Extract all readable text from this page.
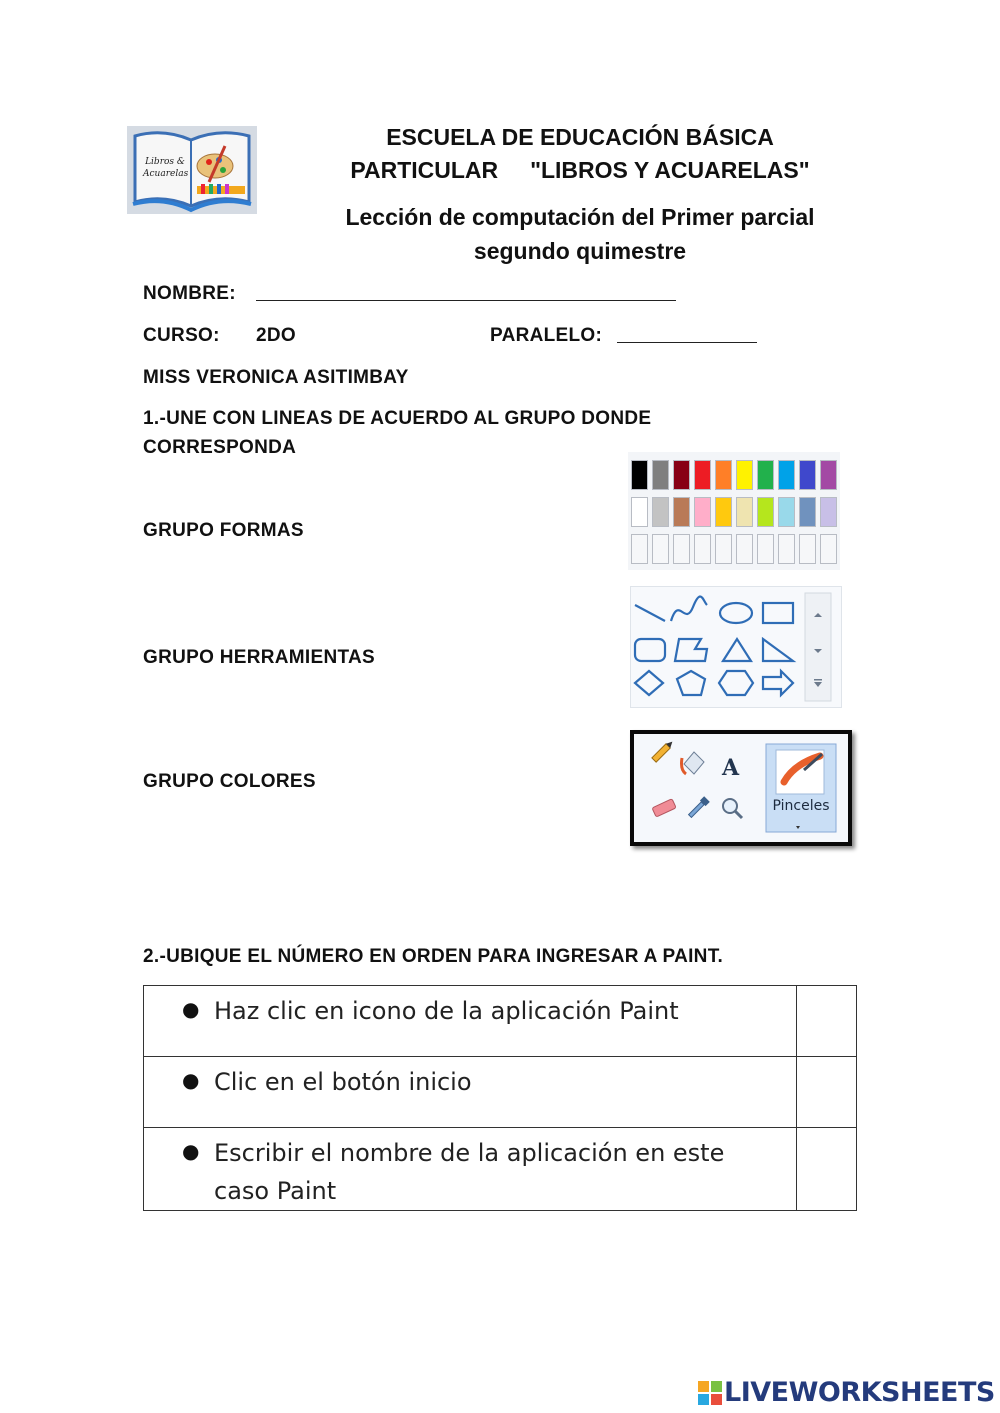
Libros & Acuarelas
ESCUELA DE EDUCACIÓN BÁSICA
PARTICULAR     "LIBROS Y ACUARELAS"
Lección de computación del Primer parcial
segundo quimestre
NOMBRE:
CURSO: 2DO	PARALELO:
MISS VERONICA ASITIMBAY
1.-UNE CON LINEAS DE ACUERDO AL GRUPO DONDE
CORRESPONDA
GRUPO FORMAS
GRUPO HERRAMIENTAS
GRUPO COLORES
A
Pinceles
2.-UBIQUE EL NÚMERO EN ORDEN PARA INGRESAR A PAINT.
● Haz clic en icono de la aplicación Paint	
● Clic en el botón inicio	
● Escribir el nombre de la aplicación en este caso Paint	
LIVEWORKSHEETS
